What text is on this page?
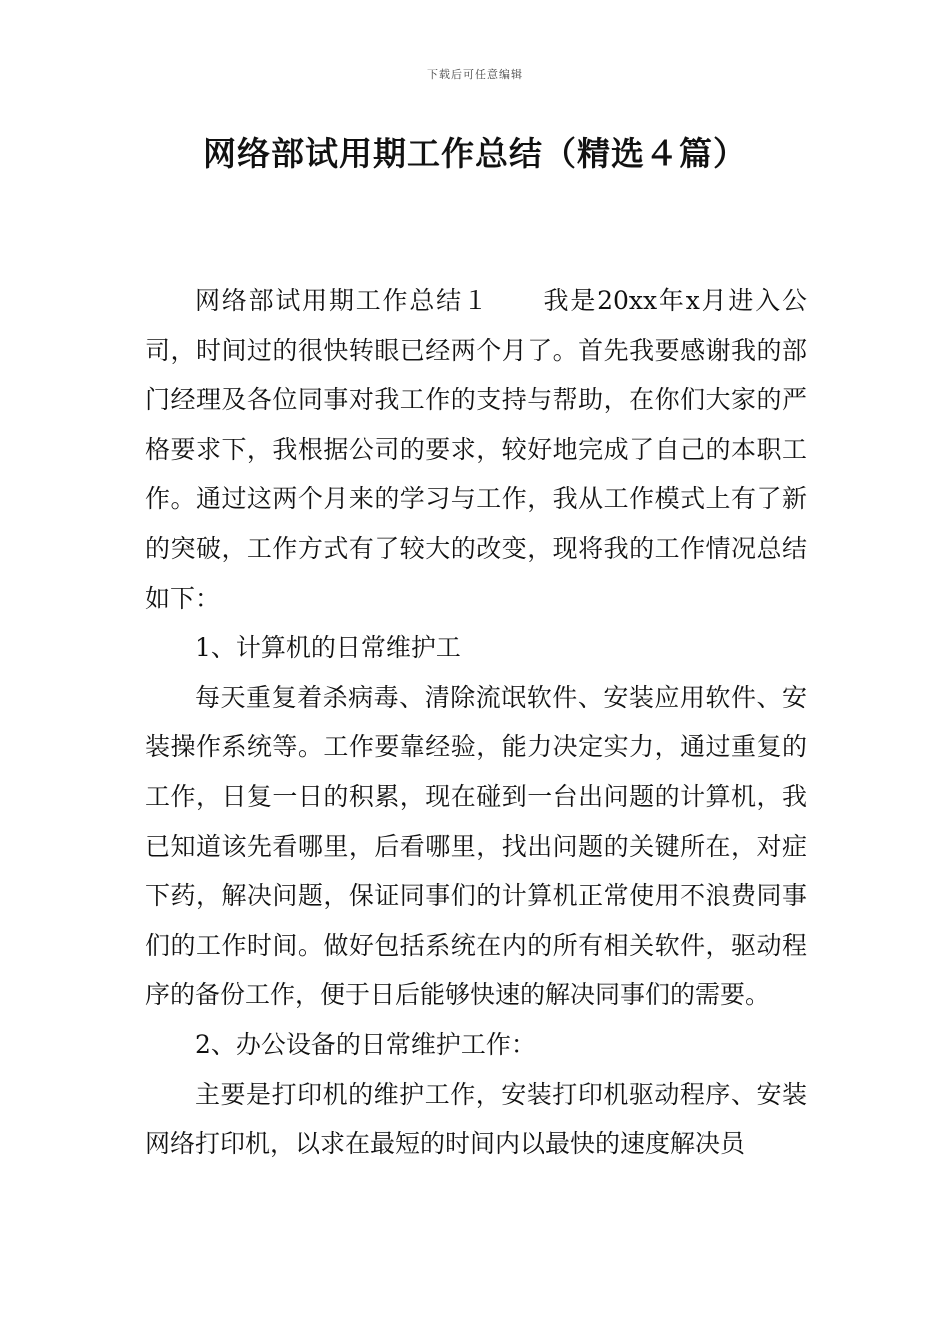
下载后可任意编辑
网络部试用期工作总结（精选４篇）

网络部试用期工作总结１ 我是20xx年x月进入公司，时间过的很快转眼已经两个月了。首先我要感谢我的部门经理及各位同事对我工作的支持与帮助，在你们大家的严格要求下，我根据公司的要求，较好地完成了自己的本职工作。通过这两个月来的学习与工作，我从工作模式上有了新的突破，工作方式有了较大的改变，现将我的工作情况总结如下：

1、计算机的日常维护工

每天重复着杀病毒、清除流氓软件、安装应用软件、安装操作系统等。工作要靠经验，能力决定实力，通过重复的工作，日复一日的积累，现在碰到一台出问题的计算机，我已知道该先看哪里，后看哪里，找出问题的关键所在，对症下药，解决问题，保证同事们的计算机正常使用不浪费同事们的工作时间。做好包括系统在内的所有相关软件，驱动程序的备份工作，便于日后能够快速的解决同事们的需要。

2、办公设备的日常维护工作：

主要是打印机的维护工作，安装打印机驱动程序、安装网络打印机，以求在最短的时间内以最快的速度解决员
